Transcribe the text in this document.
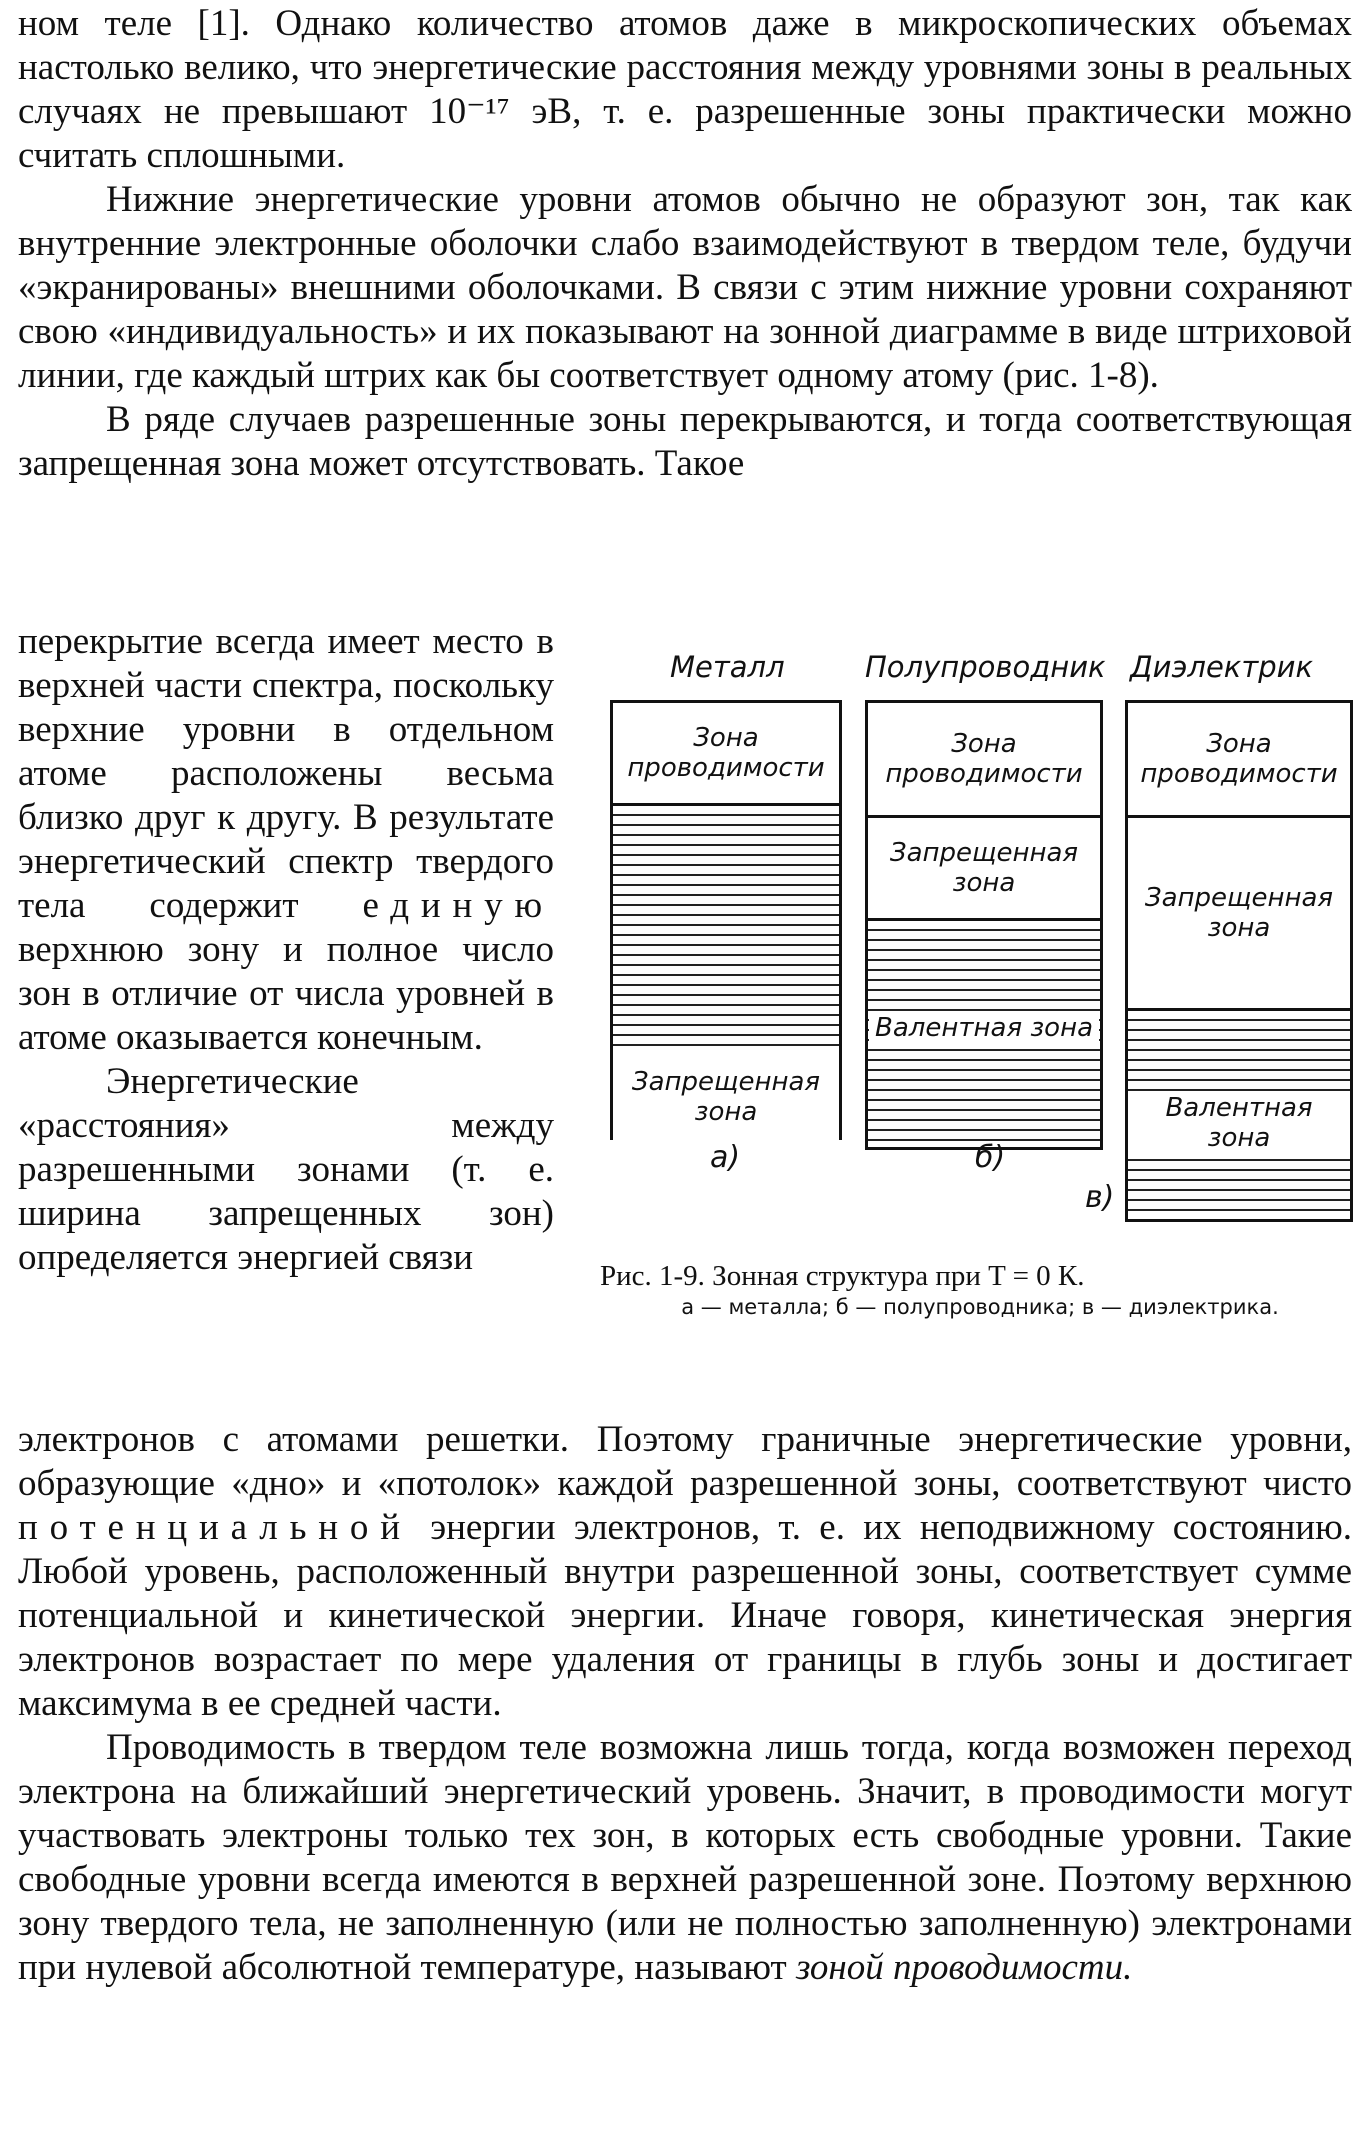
ном теле [1]. Однако количество атомов даже в микроскопических объемах настолько велико, что энергетические расстояния между уровнями зоны в реальных случаях не превышают 10⁻¹⁷ эВ, т. е. разрешенные зоны практически можно считать сплошными.

Нижние энергетические уровни атомов обычно не образуют зон, так как внутренние электронные оболочки слабо взаимодействуют в твердом теле, будучи «экранированы» внешними оболочками. В связи с этим нижние уровни сохраняют свою «индивидуальность» и их показывают на зонной диаграмме в виде штриховой линии, где каждый штрих как бы соответствует одному атому (рис. 1-8).

В ряде случаев разрешенные зоны перекрываются, и тогда соответствующая запрещенная зона может отсутствовать. Такое

перекрытие всегда имеет место в верхней части спектра, поскольку верхние уровни в отдельном атоме расположены весьма близко друг к другу. В результате энергетический спектр твердого тела содержит единую верхнюю зону и полное число зон в отличие от числа уровней в атоме оказывается конечным.

Энергетические «расстояния» между разрешенными зонами (т. е. ширина запрещенных зон) определяется энергией связи

Металл	Полупроводник Диэлектрик
Зона проводимости
Запрещенная зона
а)
Зона проводимости
Запрещенная зона
Валентная зона
б)
Зона проводимости
Запрещенная зона
Валентная зона
в)
Рис. 1-9. Зонная структура при T = 0 К.
а — металла; б — полупроводника; в — диэлектрика.

электронов с атомами решетки. Поэтому граничные энергетические уровни, образующие «дно» и «потолок» каждой разрешенной зоны, соответствуют чисто потенциальной энергии электронов, т. е. их неподвижному состоянию. Любой уровень, расположенный внутри разрешенной зоны, соответствует сумме потенциальной и кинетической энергии. Иначе говоря, кинетическая энергия электронов возрастает по мере удаления от границы в глубь зоны и достигает максимума в ее средней части.

Проводимость в твердом теле возможна лишь тогда, когда возможен переход электрона на ближайший энергетический уровень. Значит, в проводимости могут участвовать электроны только тех зон, в которых есть свободные уровни. Такие свободные уровни всегда имеются в верхней разрешенной зоне. Поэтому верхнюю зону твердого тела, не заполненную (или не полностью заполненную) электронами при нулевой абсолютной температуре, называют зоной проводимости.
